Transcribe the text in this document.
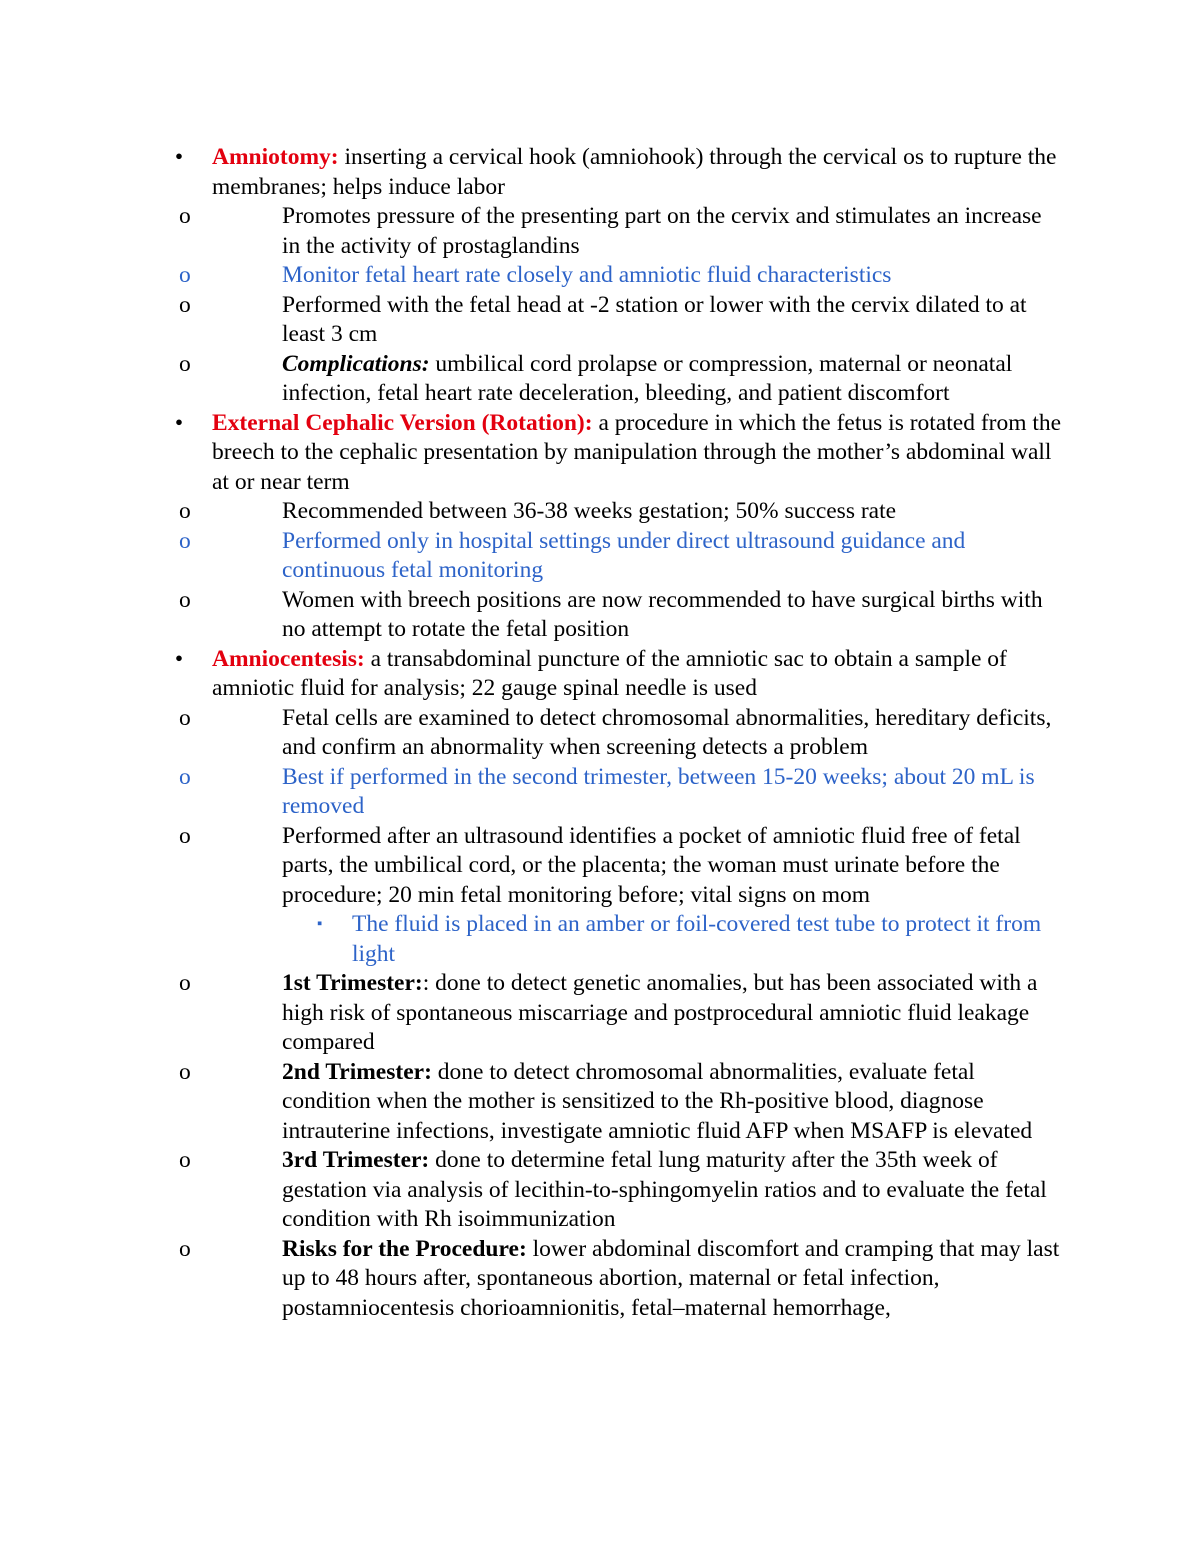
• Amniotomy: inserting a cervical hook (amniohook) through the cervical os to rupture the membranes; helps induce labor
o	Promotes pressure of the presenting part on the cervix and stimulates an increase in the activity of prostaglandins
o	Monitor fetal heart rate closely and amniotic fluid characteristics
o	Performed with the fetal head at -2 station or lower with the cervix dilated to at least 3 cm
o	Complications: umbilical cord prolapse or compression, maternal or neonatal infection, fetal heart rate deceleration, bleeding, and patient discomfort
• External Cephalic Version (Rotation): a procedure in which the fetus is rotated from the breech to the cephalic presentation by manipulation through the mother’s abdominal wall at or near term
o	Recommended between 36-38 weeks gestation; 50% success rate
o	Performed only in hospital settings under direct ultrasound guidance and continuous fetal monitoring
o	Women with breech positions are now recommended to have surgical births with no attempt to rotate the fetal position
• Amniocentesis: a transabdominal puncture of the amniotic sac to obtain a sample of amniotic fluid for analysis; 22 gauge spinal needle is used
o	Fetal cells are examined to detect chromosomal abnormalities, hereditary deficits, and confirm an abnormality when screening detects a problem
o	Best if performed in the second trimester, between 15-20 weeks; about 20 mL is removed
o	Performed after an ultrasound identifies a pocket of amniotic fluid free of fetal parts, the umbilical cord, or the placenta; the woman must urinate before the procedure; 20 min fetal monitoring before; vital signs on mom
▪ The fluid is placed in an amber or foil-covered test tube to protect it from light
o	1st Trimester:: done to detect genetic anomalies, but has been associated with a high risk of spontaneous miscarriage and postprocedural amniotic fluid leakage compared
o	2nd Trimester: done to detect chromosomal abnormalities, evaluate fetal condition when the mother is sensitized to the Rh-positive blood, diagnose intrauterine infections, investigate amniotic fluid AFP when MSAFP is elevated
o	3rd Trimester: done to determine fetal lung maturity after the 35th week of gestation via analysis of lecithin-to-sphingomyelin ratios and to evaluate the fetal condition with Rh isoimmunization
o	Risks for the Procedure: lower abdominal discomfort and cramping that may last up to 48 hours after, spontaneous abortion, maternal or fetal infection, postamniocentesis chorioamnionitis, fetal–maternal hemorrhage,
